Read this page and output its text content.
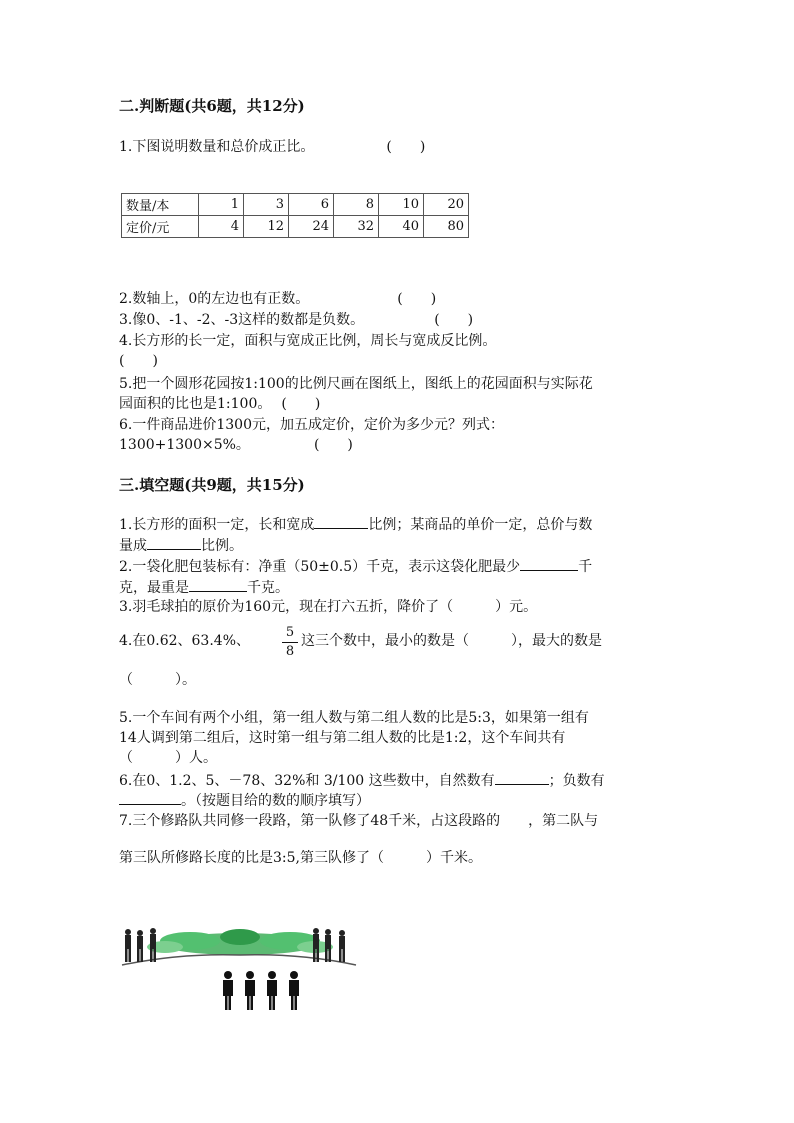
二.判断题(共6题，共12分)
1.下图说明数量和总价成正比。	(　　)
数量/本	1	3	6	8	10	20
定价/元	4	12	24	32	40	80
2.数轴上，0的左边也有正数。	(　　)
3.像0、-1、-2、-3这样的数都是负数。	(　　)
4.长方形的长一定，面积与宽成正比例，周长与宽成反比例。
(　　)
5.把一个圆形花园按1:100的比例尺画在图纸上，图纸上的花园面积与实际花
园面积的比也是1:100。 (　　)
6.一件商品进价1300元，加五成定价，定价为多少元？列式：
1300+1300×5%。	(　　)
三.填空题(共9题，共15分)
1.长方形的面积一定，长和宽成	比例；某商品的单价一定，总价与数
量成	比例。
2.一袋化肥包装标有：净重（50±0.5）千克，表示这袋化肥最少	千
克，最重是	千克。
3.羽毛球拍的原价为160元，现在打六五折，降价了（　　　）元。
4.在0.62、63.4%、	这三个数中，最小的数是（　　　），最大的数是
5
8
（　　　）。
5.一个车间有两个小组，第一组人数与第二组人数的比是5:3，如果第一组有
14人调到第二组后，这时第一组与第二组人数的比是1:2，这个车间共有
（　　　）人。
6.在0、1.2、5、－78、32%和 3/100 这些数中，自然数有	；负数有
。（按题目给的数的顺序填写）
7.三个修路队共同修一段路，第一队修了48千米，占这段路的　　，第二队与
第三队所修路长度的比是3:5,第三队修了（　　　）千米。
